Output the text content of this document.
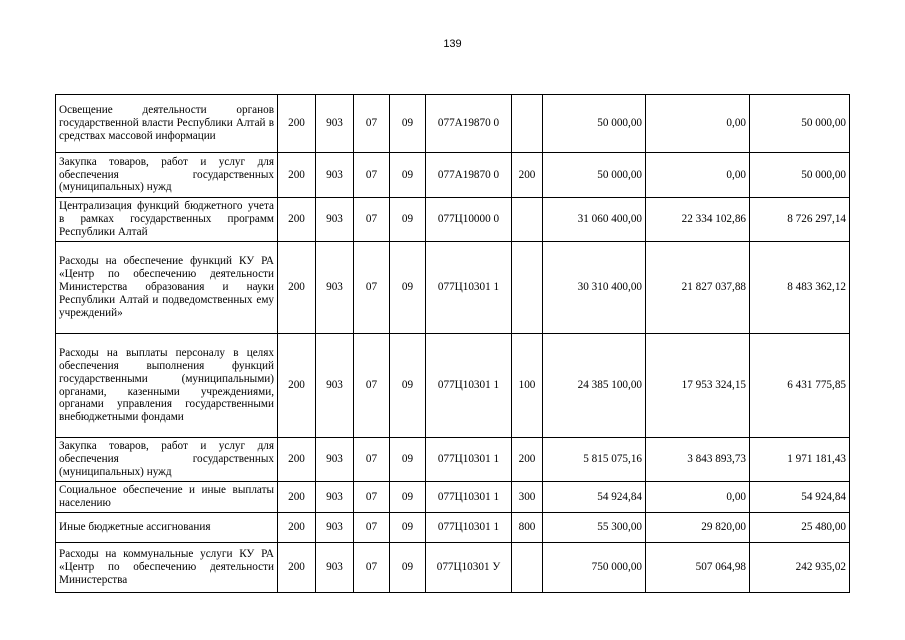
139
Освещение деятельности органов государственной власти Республики Алтай в средствах массовой информации	200	903	07	09	077A19870 0		50 000,00	0,00	50 000,00
Закупка товаров, работ и услуг для обеспечения государственных (муниципальных) нужд	200	903	07	09	077A19870 0	200	50 000,00	0,00	50 000,00
Централизация функций бюджетного учета в рамках государственных программ Республики Алтай	200	903	07	09	077Ц10000 0		31 060 400,00	22 334 102,86	8 726 297,14
Расходы на обеспечение функций КУ РА «Центр по обеспечению деятельности Министерства образования и науки Республики Алтай и подведомственных ему учреждений»	200	903	07	09	077Ц10301 1		30 310 400,00	21 827 037,88	8 483 362,12
Расходы на выплаты персоналу в целях обеспечения выполнения функций государственными (муниципальными) органами, казенными учреждениями, органами управления государственными внебюджетными фондами	200	903	07	09	077Ц10301 1	100	24 385 100,00	17 953 324,15	6 431 775,85
Закупка товаров, работ и услуг для обеспечения государственных (муниципальных) нужд	200	903	07	09	077Ц10301 1	200	5 815 075,16	3 843 893,73	1 971 181,43
Социальное обеспечение и иные выплаты населению	200	903	07	09	077Ц10301 1	300	54 924,84	0,00	54 924,84
Иные бюджетные ассигнования	200	903	07	09	077Ц10301 1	800	55 300,00	29 820,00	25 480,00
Расходы на коммунальные услуги КУ РА «Центр по обеспечению деятельности Министерства	200	903	07	09	077Ц10301 У		750 000,00	507 064,98	242 935,02
